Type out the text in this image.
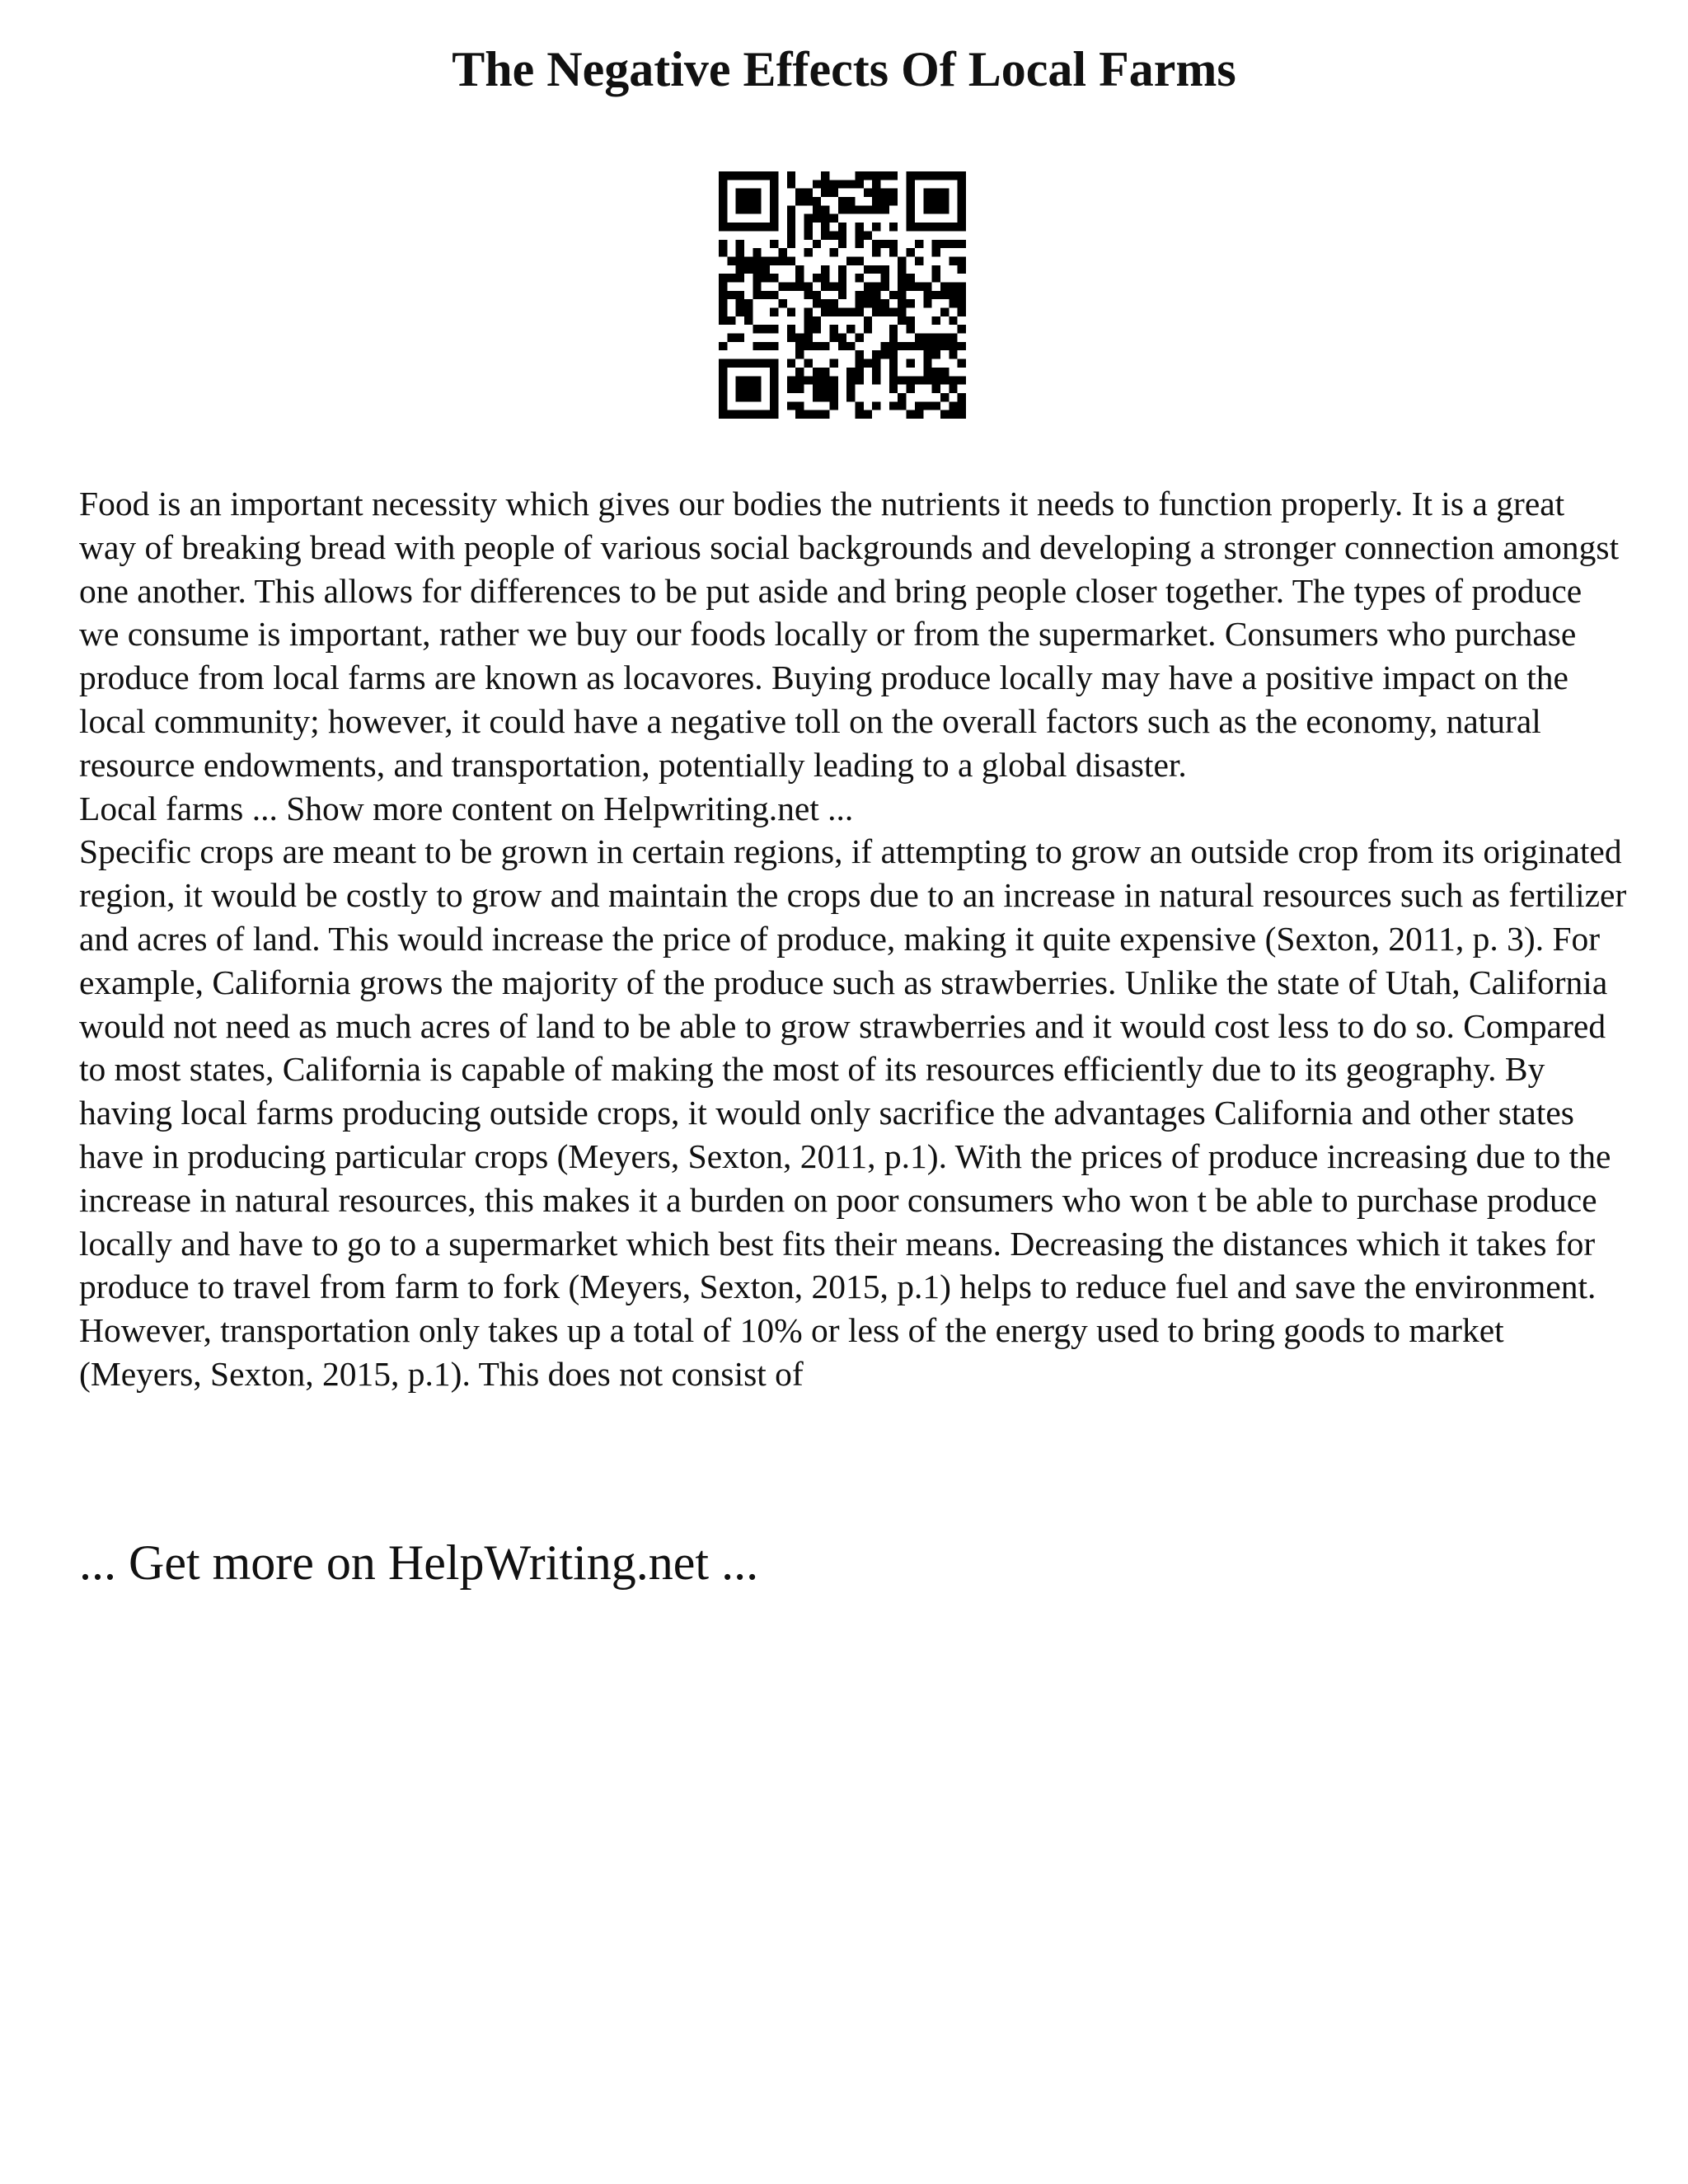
The Negative Effects Of Local Farms

Food is an important necessity which gives our bodies the nutrients it needs to function properly. It is a great way of breaking bread with people of various social backgrounds and developing a stronger connection amongst one another. This allows for differences to be put aside and bring people closer together. The types of produce we consume is important, rather we buy our foods locally or from the supermarket. Consumers who purchase produce from local farms are known as locavores. Buying produce locally may have a positive impact on the local community; however, it could have a negative toll on the overall factors such as the economy, natural resource endowments, and transportation, potentially leading to a global disaster.

Local farms ... Show more content on Helpwriting.net ...

Specific crops are meant to be grown in certain regions, if attempting to grow an outside crop from its originated region, it would be costly to grow and maintain the crops due to an increase in natural resources such as fertilizer and acres of land. This would increase the price of produce, making it quite expensive (Sexton, 2011, p. 3). For example, California grows the majority of the produce such as strawberries. Unlike the state of Utah, California would not need as much acres of land to be able to grow strawberries and it would cost less to do so. Compared to most states, California is capable of making the most of its resources efficiently due to its geography. By having local farms producing outside crops, it would only sacrifice the advantages California and other states have in producing particular crops (Meyers, Sexton, 2011, p.1). With the prices of produce increasing due to the increase in natural resources, this makes it a burden on poor consumers who won t be able to purchase produce locally and have to go to a supermarket which best fits their means. Decreasing the distances which it takes for produce to travel from farm to fork (Meyers, Sexton, 2015, p.1) helps to reduce fuel and save the environment. However, transportation only takes up a total of 10% or less of the energy used to bring goods to market (Meyers, Sexton, 2015, p.1). This does not consist of

... Get more on HelpWriting.net ...
